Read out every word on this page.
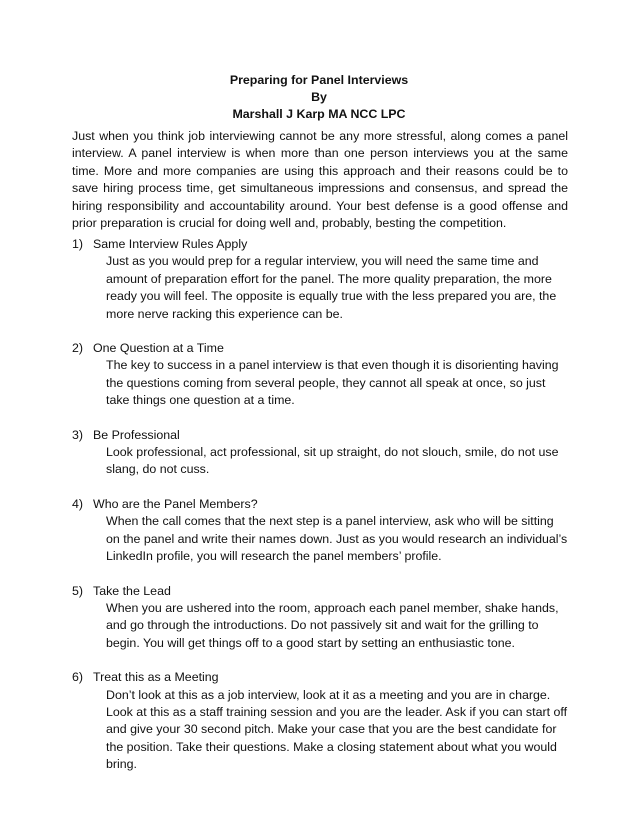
Preparing for Panel Interviews
By
Marshall J Karp MA NCC LPC

Just when you think job interviewing cannot be any more stressful, along comes a panel interview. A panel interview is when more than one person interviews you at the same time. More and more companies are using this approach and their reasons could be to save hiring process time, get simultaneous impressions and consensus, and spread the hiring responsibility and accountability around. Your best defense is a good offense and prior preparation is crucial for doing well and, probably, besting the competition.

1) Same Interview Rules Apply
Just as you would prep for a regular interview, you will need the same time and amount of preparation effort for the panel. The more quality preparation, the more ready you will feel. The opposite is equally true with the less prepared you are, the more nerve racking this experience can be.
2) One Question at a Time
The key to success in a panel interview is that even though it is disorienting having the questions coming from several people, they cannot all speak at once, so just take things one question at a time.
3) Be Professional
Look professional, act professional, sit up straight, do not slouch, smile, do not use slang, do not cuss.
4) Who are the Panel Members?
When the call comes that the next step is a panel interview, ask who will be sitting on the panel and write their names down. Just as you would research an individual’s LinkedIn profile, you will research the panel members’ profile.
5) Take the Lead
When you are ushered into the room, approach each panel member, shake hands, and go through the introductions. Do not passively sit and wait for the grilling to begin. You will get things off to a good start by setting an enthusiastic tone.
6) Treat this as a Meeting
Don’t look at this as a job interview, look at it as a meeting and you are in charge. Look at this as a staff training session and you are the leader. Ask if you can start off and give your 30 second pitch. Make your case that you are the best candidate for the position. Take their questions. Make a closing statement about what you would bring.
